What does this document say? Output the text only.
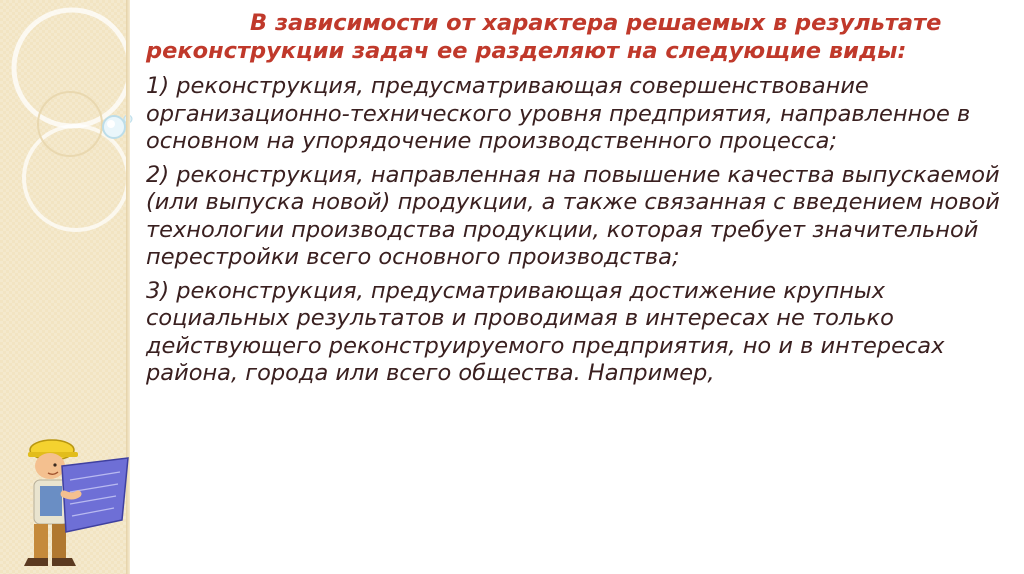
В зависимости от характера решаемых в результате реконструкции задач ее разделяют на следующие виды:

1) реконструкция, предусматривающая совершенствование организационно-технического уровня предприятия, направленное в основном на упорядочение производственного процесса;

2) реконструкция, направленная на повышение качества выпускаемой (или выпуска новой) продукции, а также связанная с введением новой технологии производства продукции, которая требует значительной перестройки всего основного производства;

3) реконструкция, предусматривающая достижение крупных социальных результатов и проводимая в интересах не только действующего реконструируемого предприятия, но и в интересах района, города или всего общества. Например,
